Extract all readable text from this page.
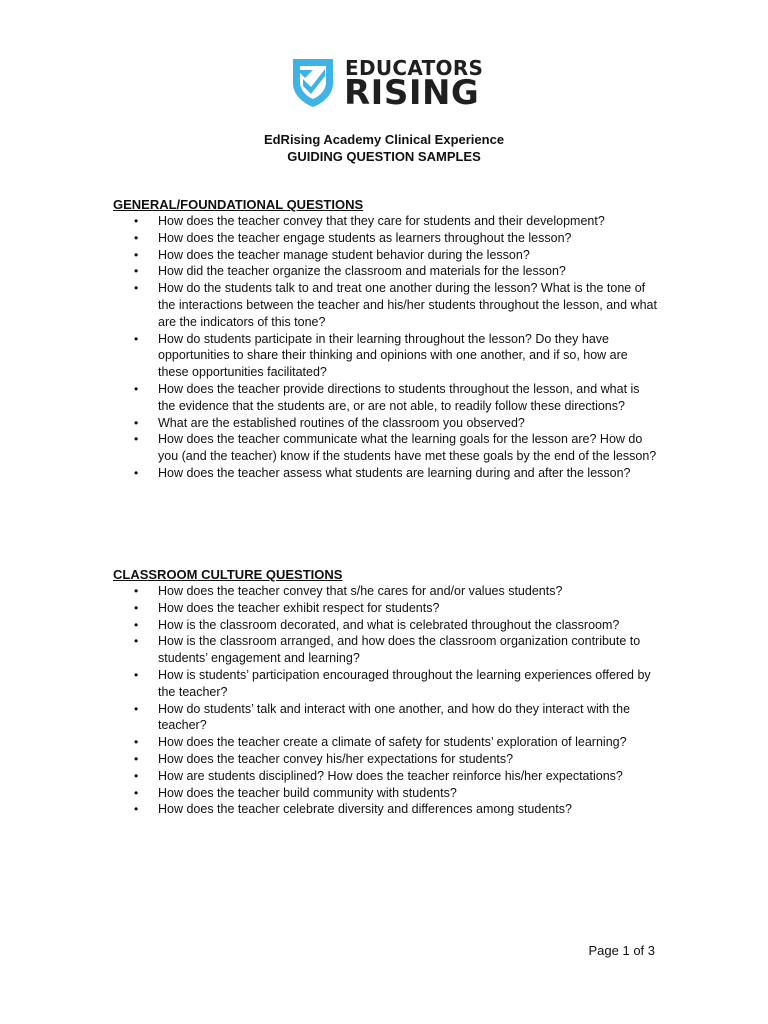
EDUCATORS
RISING
EdRising Academy Clinical Experience
GUIDING QUESTION SAMPLES
GENERAL/FOUNDATIONAL QUESTIONS
• How does the teacher convey that they care for students and their development?
• How does the teacher engage students as learners throughout the lesson?
• How does the teacher manage student behavior during the lesson?
• How did the teacher organize the classroom and materials for the lesson?
• How do the students talk to and treat one another during the lesson? What is the tone of the interactions between the teacher and his/her students throughout the lesson, and what are the indicators of this tone?
• How do students participate in their learning throughout the lesson? Do they have opportunities to share their thinking and opinions with one another, and if so, how are these opportunities facilitated?
• How does the teacher provide directions to students throughout the lesson, and what is the evidence that the students are, or are not able, to readily follow these directions?
• What are the established routines of the classroom you observed?
• How does the teacher communicate what the learning goals for the lesson are? How do you (and the teacher) know if the students have met these goals by the end of the lesson?
• How does the teacher assess what students are learning during and after the lesson?
CLASSROOM CULTURE QUESTIONS
• How does the teacher convey that s/he cares for and/or values students?
• How does the teacher exhibit respect for students?
• How is the classroom decorated, and what is celebrated throughout the classroom?
• How is the classroom arranged, and how does the classroom organization contribute to students’ engagement and learning?
• How is students’ participation encouraged throughout the learning experiences offered by the teacher?
• How do students’ talk and interact with one another, and how do they interact with the teacher?
• How does the teacher create a climate of safety for students’ exploration of learning?
• How does the teacher convey his/her expectations for students?
• How are students disciplined? How does the teacher reinforce his/her expectations?
• How does the teacher build community with students?
• How does the teacher celebrate diversity and differences among students?
Page 1 of 3
